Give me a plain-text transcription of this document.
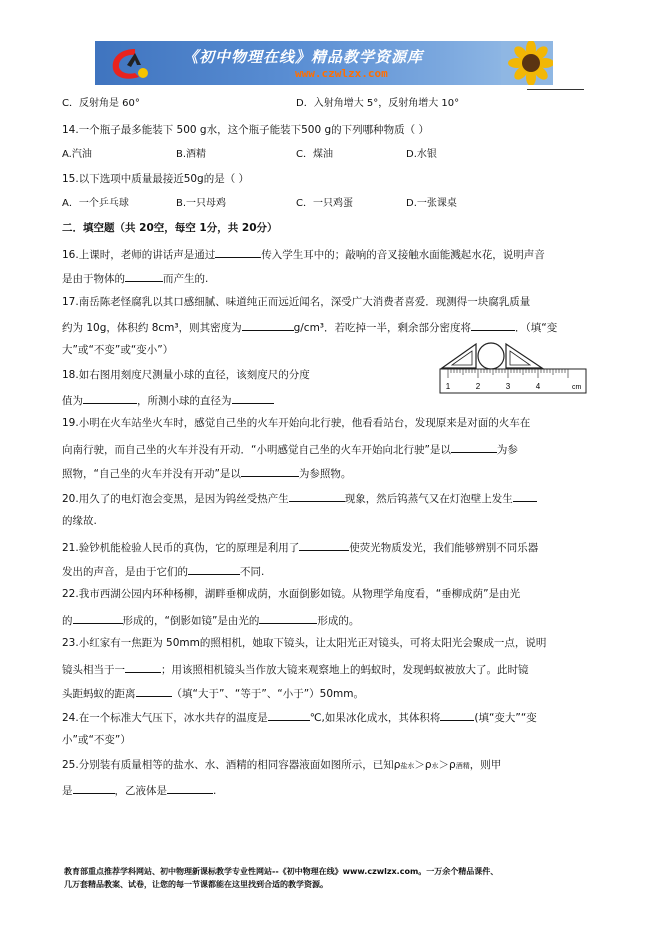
《初中物理在线》精品教学资源库
www.czwlzx.com
C．反射角是 60°	D．入射角增大 5°，反射角增大 10°
14.一个瓶子最多能装下 500 g水，这个瓶子能装下500 g的下列哪种物质（ ）
A.汽油	B.酒精	C．煤油	D.水银
15.以下选项中质量最接近50g的是（ ）
A．一个乒乓球	B.一只母鸡	C．一只鸡蛋	D.一张课桌
二．填空题（共 20空，每空 1分，共 20分）
16.上课时，老师的讲话声是通过	传入学生耳中的；敲响的音叉接触水面能溅起水花，说明声音
是由于物体的	而产生的.
17.南岳陈老怪腐乳以其口感细腻、味道纯正而远近闻名，深受广大消费者喜爱．现测得一块腐乳质量
约为 10g，体积约 8cm³，则其密度为	g/cm³．若吃掉一半，剩余部分密度将	．（填“变
大”或“不变”或“变小”）
18.如右图用刻度尺测量小球的直径，该刻度尺的分度
值为	，所测小球的直径为
1	2	3	4	cm
19.小明在火车站坐火车时，感觉自己坐的火车开始向北行驶，他看看站台，发现原来是对面的火车在
向南行驶，而自己坐的火车并没有开动．“小明感觉自己坐的火车开始向北行驶”是以	为参
照物，“自己坐的火车并没有开动”是以	为参照物。
20.用久了的电灯泡会变黑，是因为钨丝受热产生	现象，然后钨蒸气又在灯泡壁上发生
的缘故.
21.验钞机能检验人民币的真伪，它的原理是利用了	使荧光物质发光，我们能够辨别不同乐器
发出的声音，是由于它们的	不同.
22.我市西湖公园内环种杨柳，湖畔垂柳成荫，水面倒影如镜。从物理学角度看，“垂柳成荫”是由光
的	形成的，“倒影如镜”是由光的	形成的。
23.小红家有一焦距为 50mm的照相机，她取下镜头，让太阳光正对镜头，可将太阳光会聚成一点，说明
镜头相当于一	；用该照相机镜头当作放大镜来观察地上的蚂蚁时，发现蚂蚁被放大了。此时镜
头距蚂蚁的距离	（填“大于”、“等于”、“小于”）50mm。
24.在一个标准大气压下，冰水共存的温度是	℃,如果冰化成水，其体积将	(填“变大”“变
小”或“不变”）
25.分别装有质量相等的盐水、水、酒精的相同容器液面如图所示，已知ρ盐水＞ρ水＞ρ酒精，则甲
是	，乙液体是	.
教育部重点推荐学科网站、初中物理新课标教学专业性网站--《初中物理在线》www.czwlzx.com。一万余个精品课件、
几万套精品教案、试卷，让您的每一节课都能在这里找到合适的教学资源。
